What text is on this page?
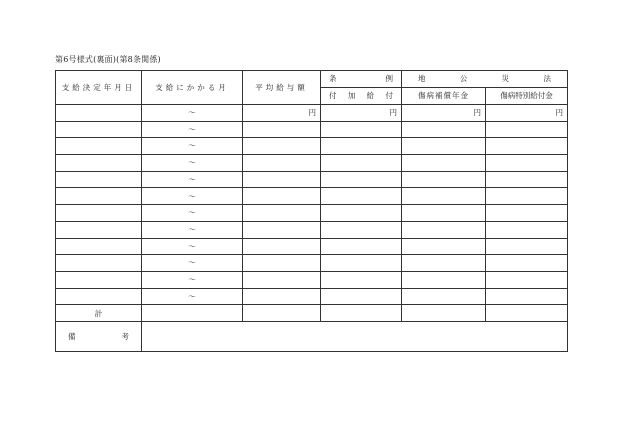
第6号様式(裏面)(第8条関係)
支給決定年月日	支給にかかる月	平均給与額	条 例	地 公 災 法	

			付 加 給 付	傷病補償年金	傷病特別給付金
	～	円	円	円	円
	～				
	～				
	～				
	～				
	～				
	～				
	～				
	～				
	～				
	～				
	～				
計					

備 考					
